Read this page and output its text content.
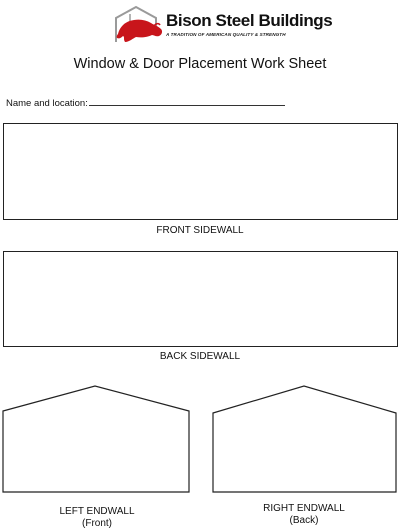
Bison Steel Buildings
A TRADITION OF AMERICAN QUALITY & STRENGTH
Window & Door Placement Work Sheet
Name and location:
FRONT SIDEWALL
BACK SIDEWALL
LEFT ENDWALL
(Front)
RIGHT ENDWALL
(Back)
